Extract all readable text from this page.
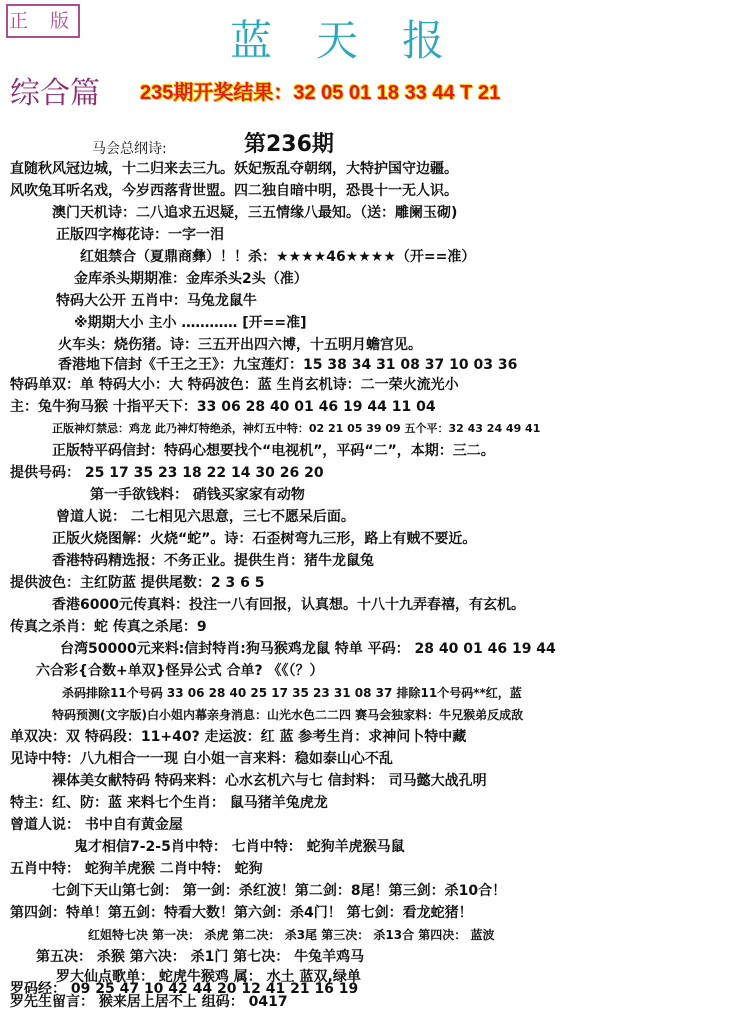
正 版	蓝天报
综合篇 235期开奖结果：32 05 01 18 33 44 T 21
第236期
马会总纲诗:
直随秋风冠边城，十二归来去三九。妖妃叛乱夺朝纲，大特护国守边疆。
风吹兔耳听名戏，今岁西落背世盟。四二独自暗中明，恐畏十一无人识。
澳门天机诗：二八追求五迟疑，三五情缘八最知。（送：雕阑玉砌)
正版四字梅花诗：一字一泪
红姐禁合（夏鼎商彝）！！杀：★★★★46★★★★（开==准）
金库杀头期期准：金库杀头2头（准）
特码大公开 五肖中：马兔龙鼠牛
※期期大小 主小 ………… [开==准]
火车头：烧伤猪。诗：三五开出四六博，十五明月蟾宫见。
香港地下信封《千王之王》：九宝莲灯：15 38 34 31 08 37 10 03 36
特码单双：单 特码大小：大 特码波色：蓝 生肖玄机诗：二一荣火流光小
主：兔牛狗马猴 十指平天下：33 06 28 40 01 46 19 44 11 04
正版神灯禁忌：鸡龙 此乃神灯特绝杀，神灯五中特：02 21 05 39 09 五个平：32 43 24 49 41
正版特平码信封：特码心想要找个“电视机”，平码“二”，本期：三二。
提供号码： 25 17 35 23 18 22 14 30 26 20
第一手欲钱料： 硝钱买家家有动物
曾道人说： 二七相见六思意，三七不愿呆后面。
正版火烧图解：火烧“蛇”。诗：石歪树弯九三形，路上有贼不要近。
香港特码精选报：不务正业。提供生肖：猪牛龙鼠兔
提供波色：主红防蓝 提供尾数：2 3 6 5
香港6000元传真料：投注一八有回报，认真想。十八十九弄春禧，有玄机。
传真之杀肖：蛇 传真之杀尾：9
台湾50000元来料:信封特肖:狗马猴鸡龙鼠 特单 平码： 28 40 01 46 19 44
六合彩{合数+单双}怪异公式 合单? 《《（？）
杀码排除11个号码 33 06 28 40 25 17 35 23 31 08 37 排除11个号码**红，蓝
特码预测(文字版)白小姐内幕亲身消息：山光水色二二四 赛马会独家料：牛兄猴弟反成敌
单双决：双 特码段：11+40? 走运波：红 蓝 参考生肖：求神问卜特中藏
见诗中特：八九相合一一现 白小姐一言来料：稳如泰山心不乱
裸体美女献特码 特码来料：心水玄机六与七 信封料： 司马懿大战孔明
特主：红、防：蓝 来料七个生肖： 鼠马猪羊兔虎龙
曾道人说： 书中自有黄金屋
鬼才相信7-2-5肖中特： 七肖中特： 蛇狗羊虎猴马鼠
五肖中特： 蛇狗羊虎猴 二肖中特： 蛇狗
七剑下天山第七剑： 第一剑：杀红波！第二剑：8尾！第三剑：杀10合！
第四剑：特单！第五剑：特看大数！第六剑：杀4门！ 第七剑：看龙蛇猪！
红姐特七决 第一决： 杀虎 第二决： 杀3尾 第三决： 杀13合 第四决： 蓝波
第五决： 杀猴 第六决： 杀1门 第七决： 牛兔羊鸡马
罗大仙点歌单： 蛇虎牛猴鸡 属： 水土 蓝双,绿单
罗码经： 09 25 47 10 42 44 20 12 41 21 16 19
罗先生留言： 猴来居上居不上 组码： 0417
